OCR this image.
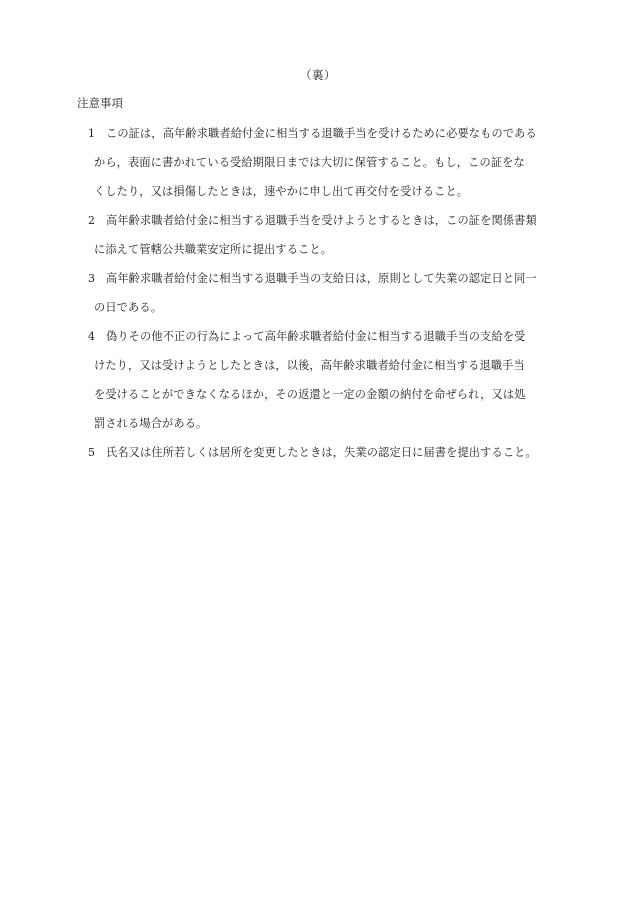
（裏）
注意事項
1 この証は，高年齢求職者給付金に相当する退職手当を受けるために必要なものである
から，表面に書かれている受給期限日までは大切に保管すること。もし，この証をな
くしたり，又は損傷したときは，速やかに申し出て再交付を受けること。
2 高年齢求職者給付金に相当する退職手当を受けようとするときは，この証を関係書類
に添えて管轄公共職業安定所に提出すること。
3 高年齢求職者給付金に相当する退職手当の支給日は，原則として失業の認定日と同一
の日である。
4 偽りその他不正の行為によって高年齢求職者給付金に相当する退職手当の支給を受
けたり，又は受けようとしたときは，以後，高年齢求職者給付金に相当する退職手当
を受けることができなくなるほか，その返還と一定の金額の納付を命ぜられ，又は処
罰される場合がある。
5 氏名又は住所若しくは居所を変更したときは，失業の認定日に届書を提出すること。
